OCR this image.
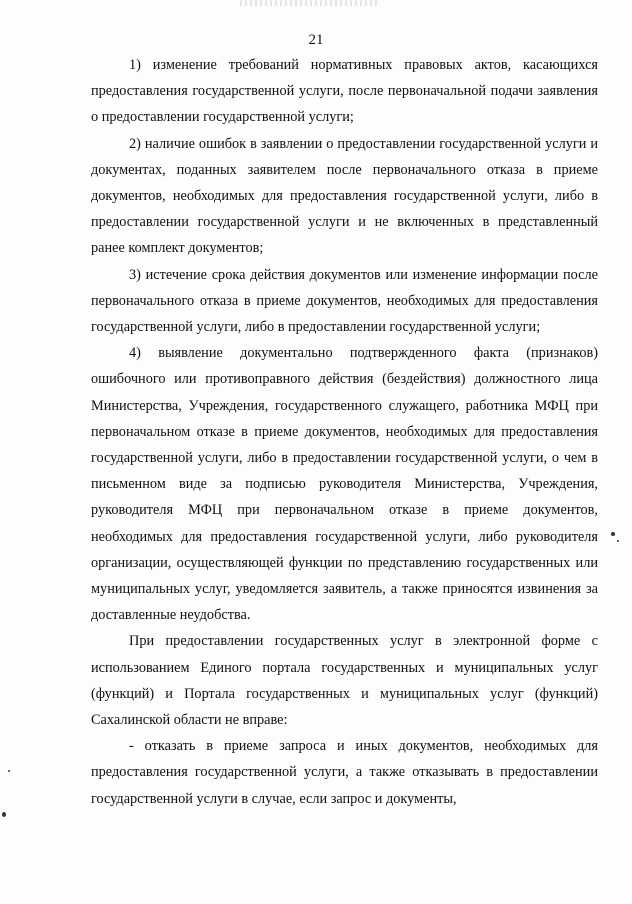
21

1) изменение требований нормативных правовых актов, касающихся предоставления государственной услуги, после первоначальной подачи заявления о предоставлении государственной услуги;

2) наличие ошибок в заявлении о предоставлении государственной услуги и документах, поданных заявителем после первоначального отказа в приеме документов, необходимых для предоставления государственной услуги, либо в предоставлении государственной услуги и не включенных в представленный ранее комплект документов;

3) истечение срока действия документов или изменение информации после первоначального отказа в приеме документов, необходимых для предоставления государственной услуги, либо в предоставлении государственной услуги;

4) выявление документально подтвержденного факта (признаков) ошибочного или противоправного действия (бездействия) должностного лица Министерства, Учреждения, государственного служащего, работника МФЦ при первоначальном отказе в приеме документов, необходимых для предоставления государственной услуги, либо в предоставлении государственной услуги, о чем в письменном виде за подписью руководителя Министерства, Учреждения, руководителя МФЦ при первоначальном отказе в приеме документов, необходимых для предоставления государственной услуги, либо руководителя организации, осуществляющей функции по представлению государственных или муниципальных услуг, уведомляется заявитель, а также приносятся извинения за доставленные неудобства.

При предоставлении государственных услуг в электронной форме с использованием Единого портала государственных и муниципальных услуг (функций) и Портала государственных и муниципальных услуг (функций) Сахалинской области не вправе:

- отказать в приеме запроса и иных документов, необходимых для предоставления государственной услуги, а также отказывать в предоставлении государственной услуги в случае, если запрос и документы,
